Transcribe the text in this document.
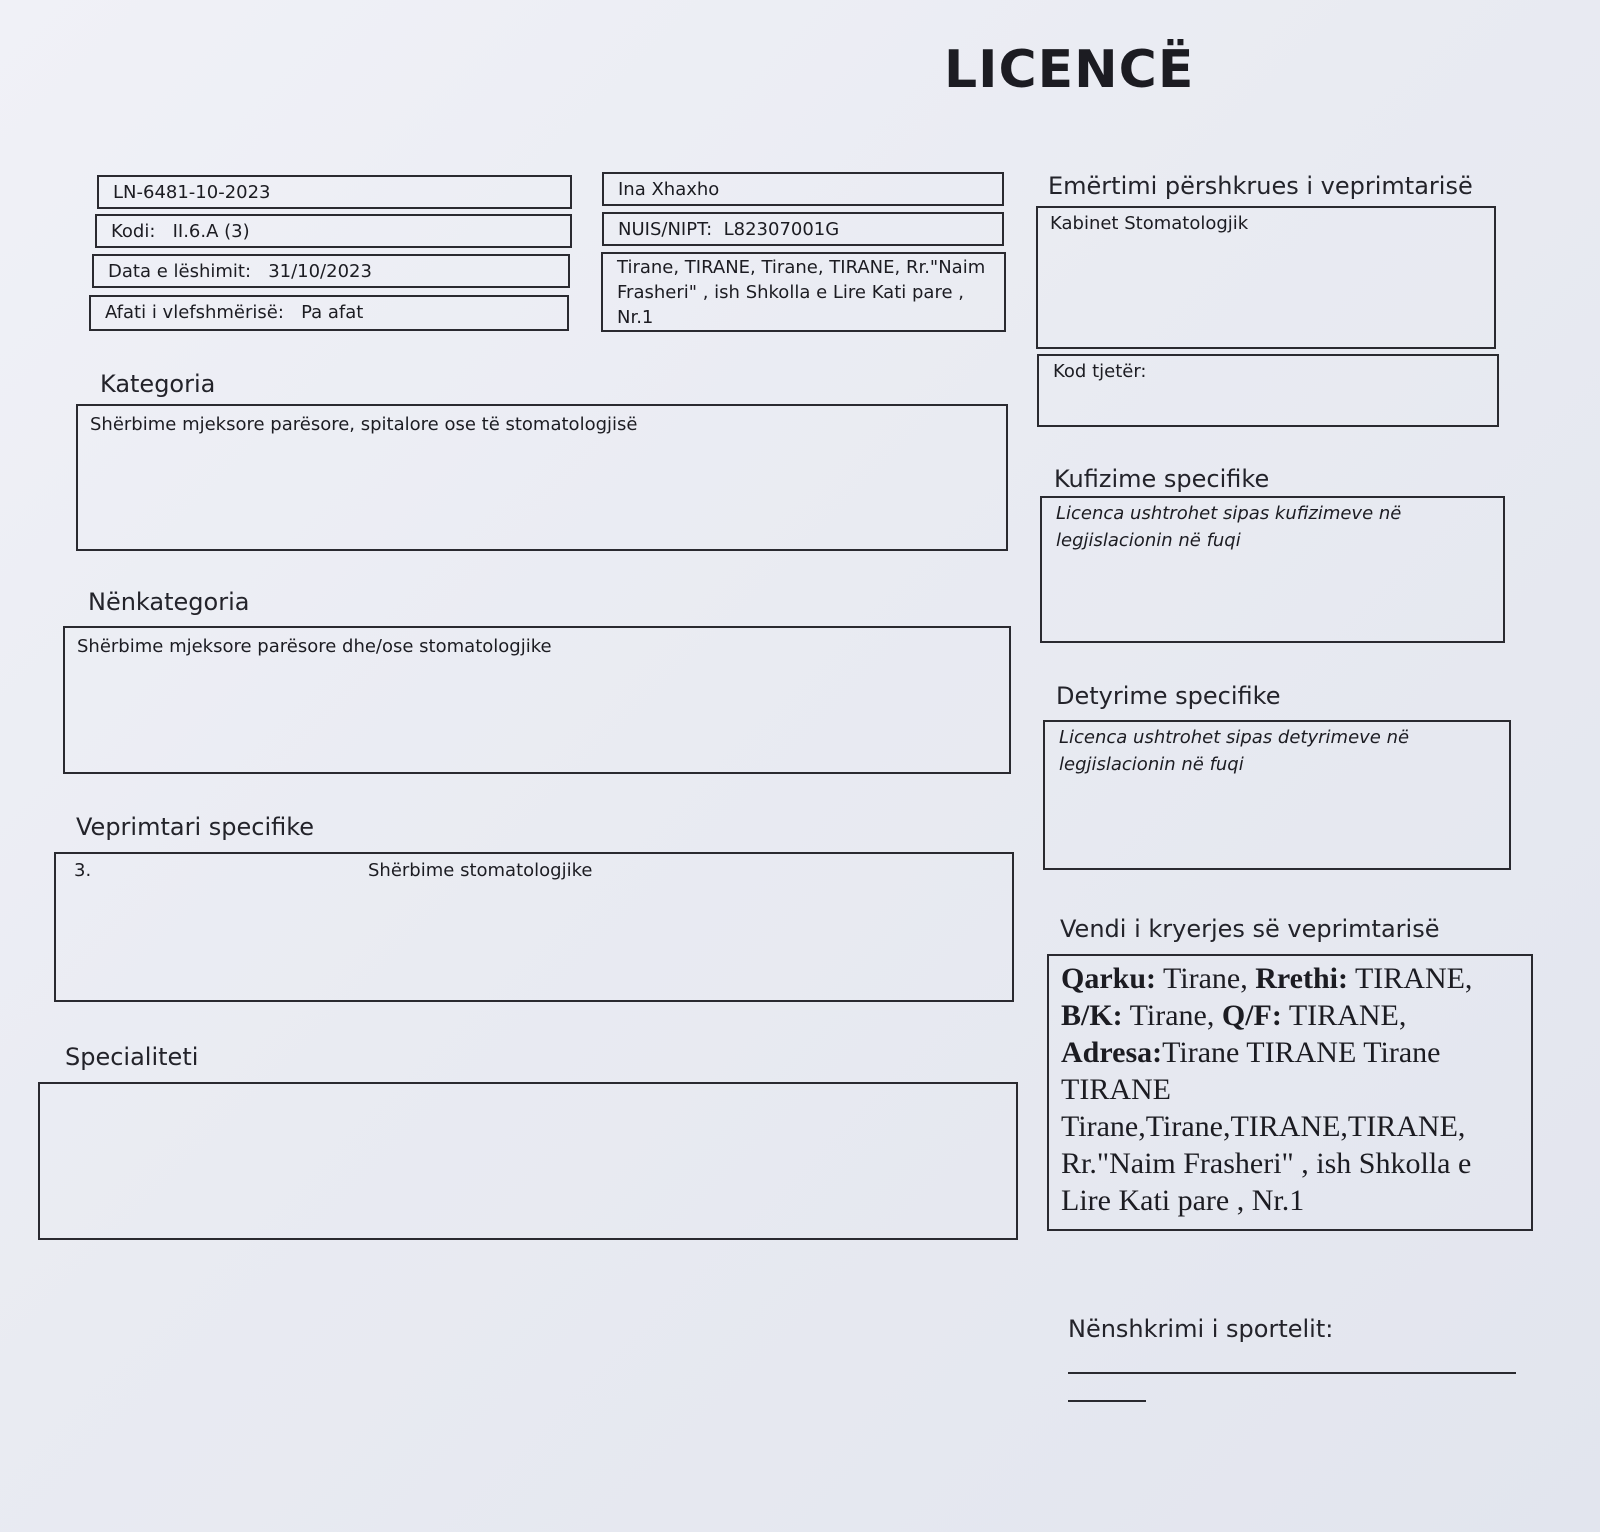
LICENCË
LN-6481-10-2023
Kodi: II.6.A (3)
Data e lëshimit: 31/10/2023
Afati i vlefshmërisë: Pa afat
Ina Xhaxho
NUIS/NIPT: L82307001G
Tirane, TIRANE, Tirane, TIRANE, Rr."Naim Frasheri" , ish Shkolla e Lire Kati pare , Nr.1
Kategoria
Shërbime mjeksore parësore, spitalore ose të stomatologjisë
Nënkategoria
Shërbime mjeksore parësore dhe/ose stomatologjike
Veprimtari specifike
3.	Shërbime stomatologjike
Specialiteti
Emërtimi përshkrues i veprimtarisë
Kabinet Stomatologjik
Kod tjetër:
Kufizime specifike
Licenca ushtrohet sipas kufizimeve në legjislacionin në fuqi
Detyrime specifike
Licenca ushtrohet sipas detyrimeve në legjislacionin në fuqi
Vendi i kryerjes së veprimtarisë
Qarku: Tirane, Rrethi: TIRANE, B/K: Tirane, Q/F: TIRANE, Adresa:Tirane TIRANE Tirane TIRANE Tirane,Tirane,TIRANE,TIRANE, Rr."Naim Frasheri" , ish Shkolla e Lire Kati pare , Nr.1
Nënshkrimi i sportelit:
